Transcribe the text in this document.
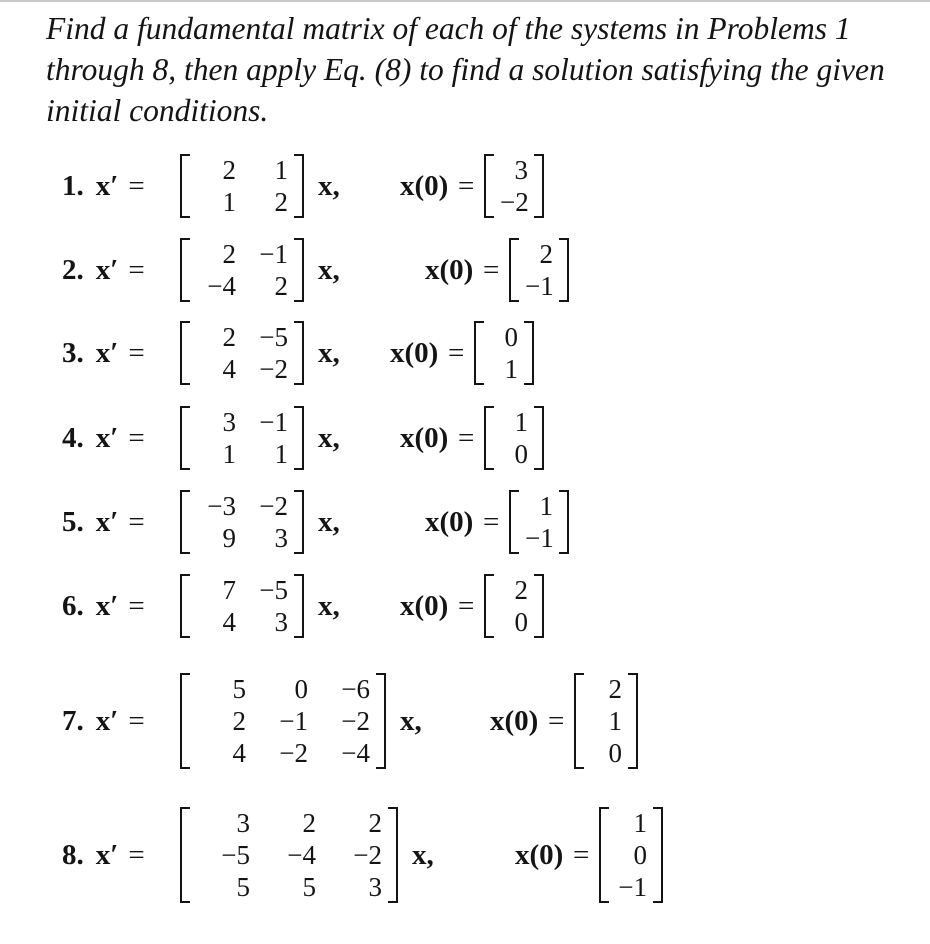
Find a fundamental matrix of each of the systems in Problems 1 through 8, then apply Eq. (8) to find a solution satisfying the given initial conditions.

1. x′ =	2	1
1	2
x, x(0) =	3
−2
2. x′ =	2 −1
−4	2
x,	x(0) =	2
−1
3. x′ =	2 −5
4 −2
x, x(0) =	0
1
4. x′ =	3 −1
1	1
x, x(0) =	1
0
5. x′ =	−3 −2
9	3
x,	x(0) =	1
−1
6. x′ =	7 −5
4	3
x, x(0) =	2
0
7. x′ =
5	0	−6
2	−1	−2
4	−2	−4
x, x(0) =
2
1
0
8. x′ =
3	2	2
−5	−4	−2
5	5	3
x,	x(0) =
1
0
−1
